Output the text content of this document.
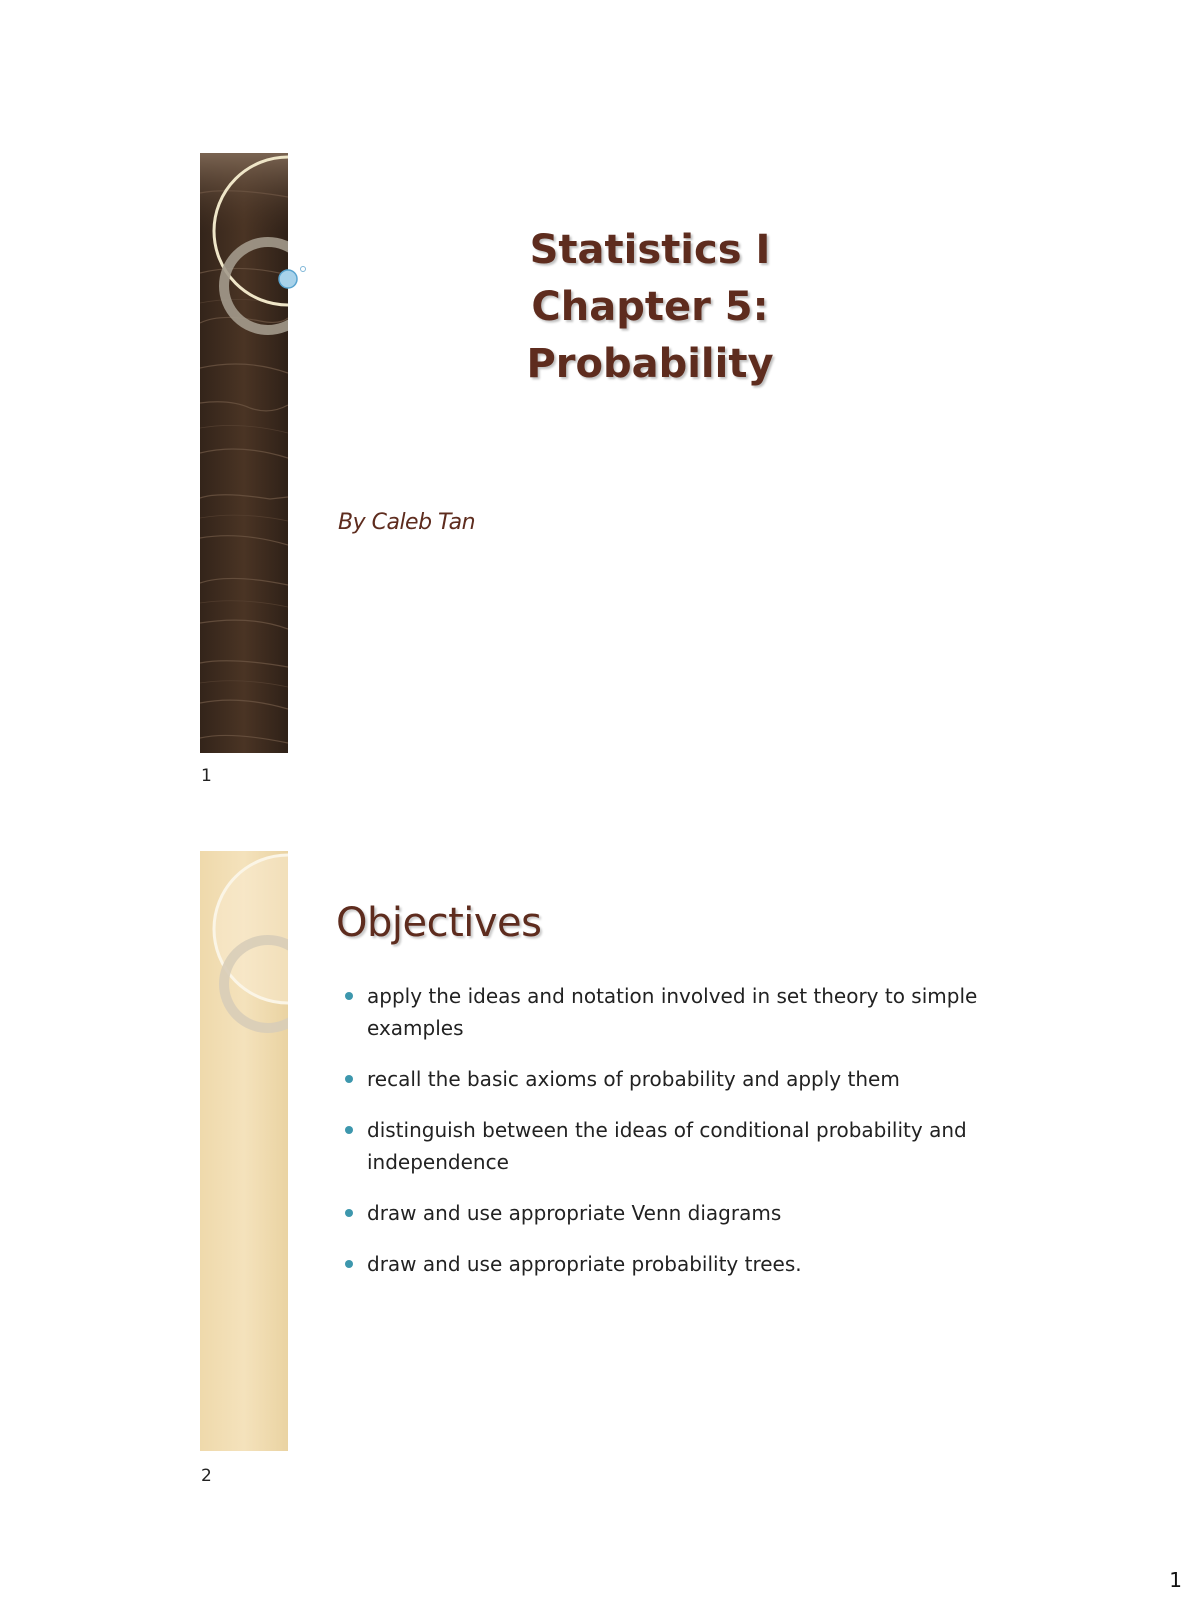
Statistics I
Chapter 5:
Probability
By Caleb Tan
1
Objectives
apply the ideas and notation involved in set theory to simple examples
recall the basic axioms of probability and apply them
distinguish between the ideas of conditional probability and independence
draw and use appropriate Venn diagrams
draw and use appropriate probability trees.
2
1
